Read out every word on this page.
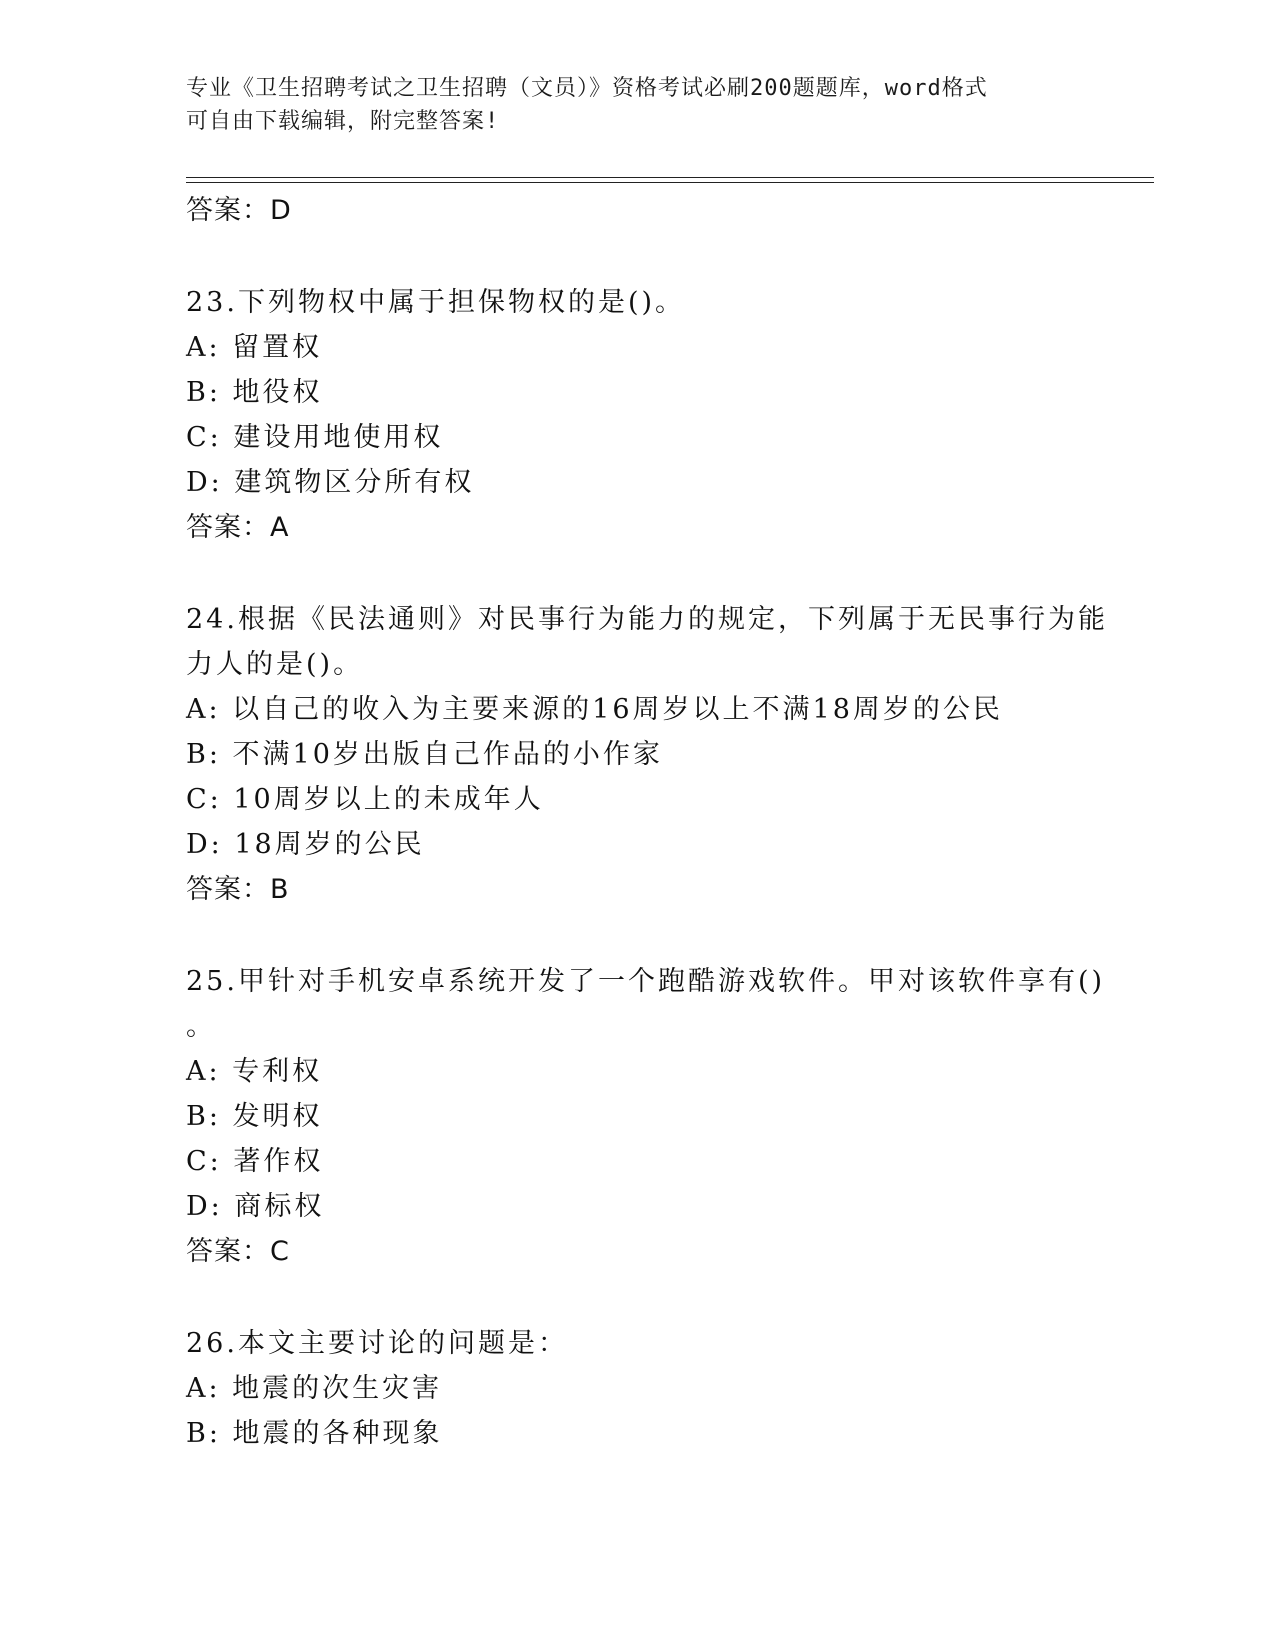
专业《卫生招聘考试之卫生招聘（文员）》资格考试必刷200题题库，word格式
可自由下载编辑，附完整答案!
答案：D
23.下列物权中属于担保物权的是()。
A: 留置权
B: 地役权
C: 建设用地使用权
D: 建筑物区分所有权
答案：A
24.根据《民法通则》对民事行为能力的规定，下列属于无民事行为能
力人的是()。
A: 以自己的收入为主要来源的16周岁以上不满18周岁的公民
B: 不满10岁出版自己作品的小作家
C: 10周岁以上的未成年人
D: 18周岁的公民
答案：B
25.甲针对手机安卓系统开发了一个跑酷游戏软件。甲对该软件享有()
。
A: 专利权
B: 发明权
C: 著作权
D: 商标权
答案：C
26.本文主要讨论的问题是：
A: 地震的次生灾害
B: 地震的各种现象
